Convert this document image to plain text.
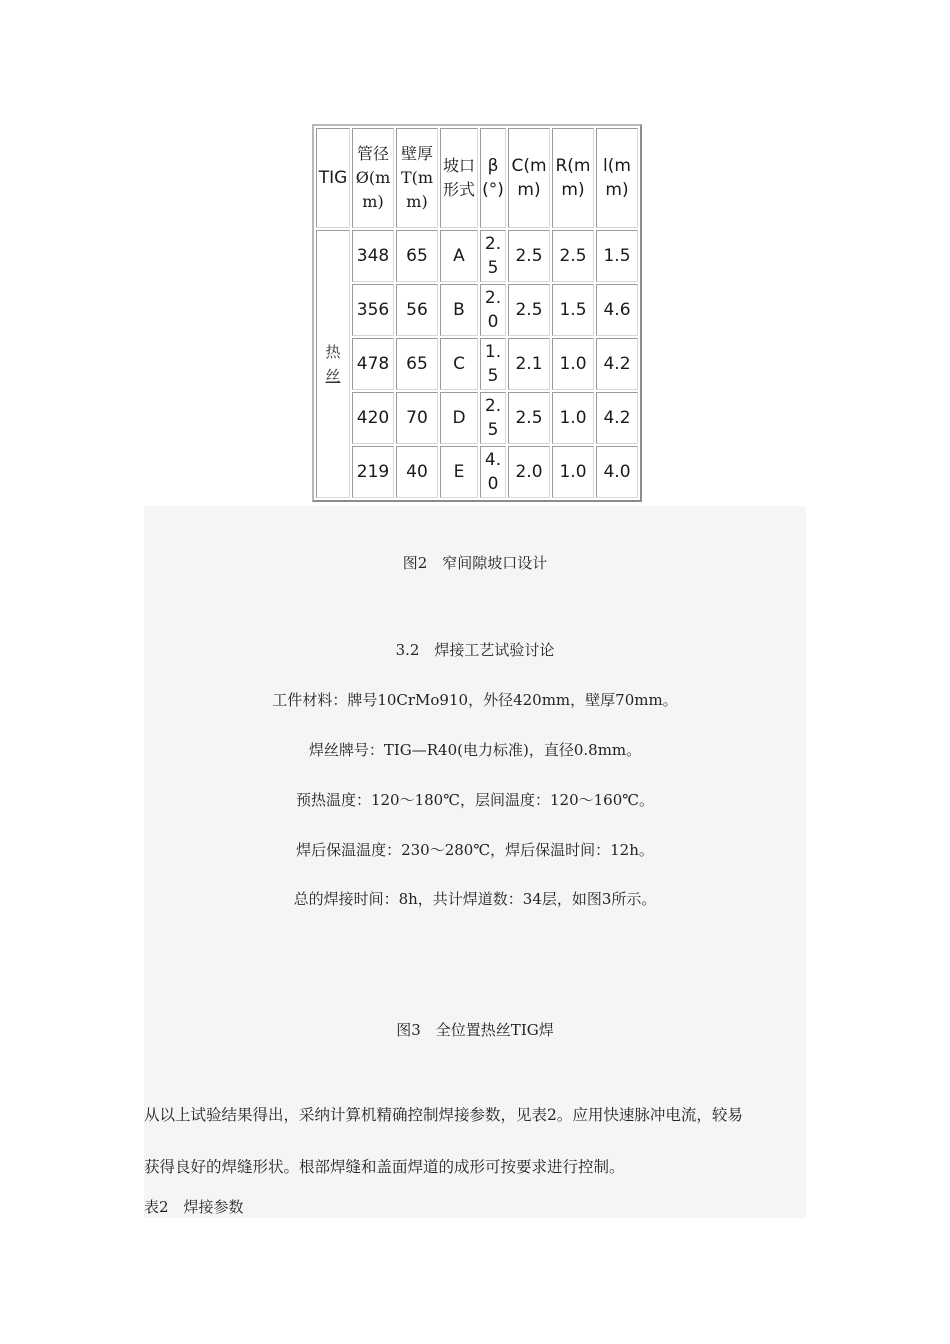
TIG	管径Ø(mm)	壁厚T(mm)	坡口形式	β(°)	C(mm)	R(mm)	l(mm)

热
丝	348	65	A	2.5	2.5	2.5	1.5
	356	56	B	2.0	2.5	1.5	4.6
	478	65	C	1.5	2.1	1.0	4.2
	420	70	D	2.5	2.5	1.0	4.2
	219	40	E	4.0	2.0	1.0	4.0
图2　窄间隙坡口设计
3.2　焊接工艺试验讨论
工件材料：牌号10CrMo910，外径420mm，壁厚70mm。
焊丝牌号：TIG—R40(电力标准)，直径0.8mm。
预热温度：120～180℃，层间温度：120～160℃。
焊后保温温度：230～280℃，焊后保温时间：12h。
总的焊接时间：8h，共计焊道数：34层，如图3所示。
图3　全位置热丝TIG焊
从以上试验结果得出，采纳计算机精确控制焊接参数，见表2。应用快速脉冲电流，较易
获得良好的焊缝形状。根部焊缝和盖面焊道的成形可按要求进行控制。
表2　焊接参数
